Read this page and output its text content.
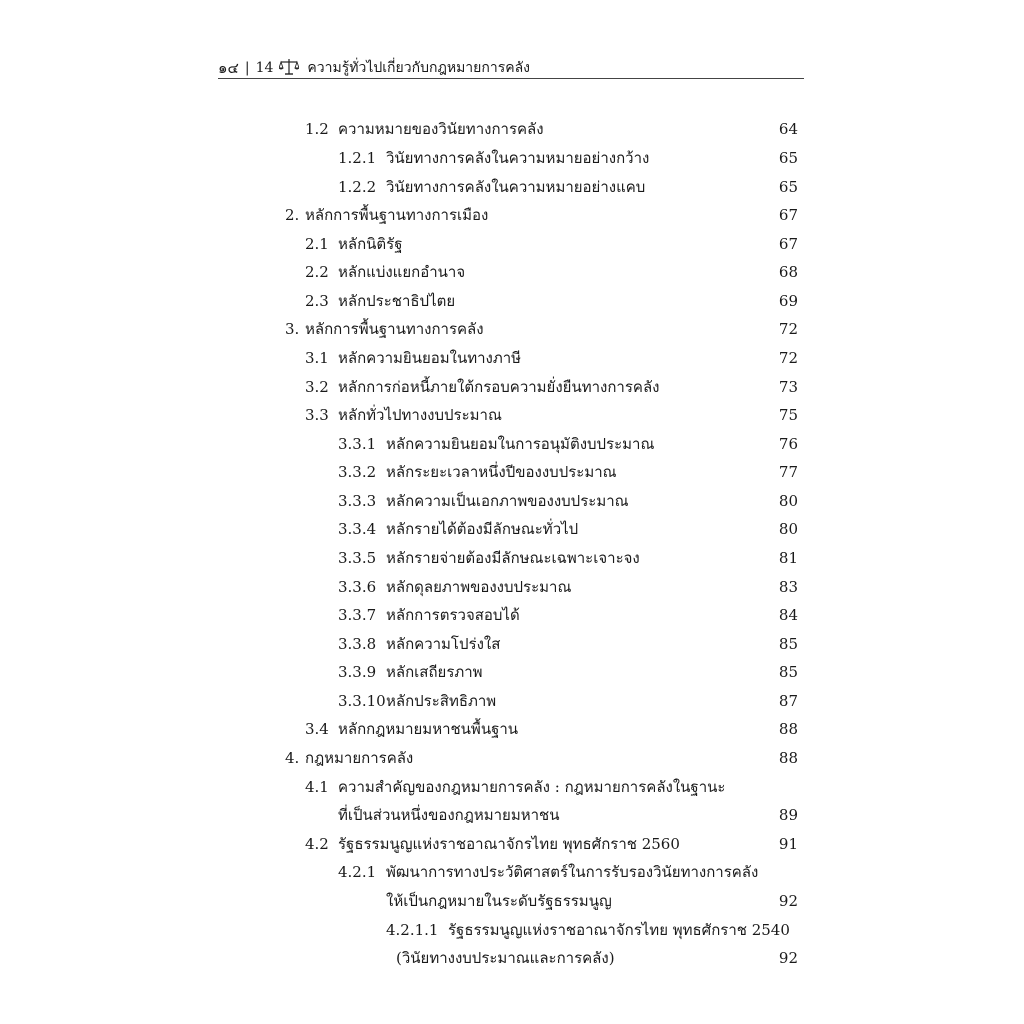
๑๔ | 14 ความรู้ทั่วไปเกี่ยวกับกฎหมายการคลัง
1.2 ความหมายของวินัยทางการคลัง	64
1.2.1 วินัยทางการคลังในความหมายอย่างกว้าง	65
1.2.2 วินัยทางการคลังในความหมายอย่างแคบ	65
2. หลักการพื้นฐานทางการเมือง	67
2.1 หลักนิติรัฐ	67
2.2 หลักแบ่งแยกอำนาจ	68
2.3 หลักประชาธิปไตย	69
3. หลักการพื้นฐานทางการคลัง	72
3.1 หลักความยินยอมในทางภาษี	72
3.2 หลักการก่อหนี้ภายใต้กรอบความยั่งยืนทางการคลัง	73
3.3 หลักทั่วไปทางงบประมาณ	75
3.3.1 หลักความยินยอมในการอนุมัติงบประมาณ	76
3.3.2 หลักระยะเวลาหนึ่งปีของงบประมาณ	77
3.3.3 หลักความเป็นเอกภาพของงบประมาณ	80
3.3.4 หลักรายได้ต้องมีลักษณะทั่วไป	80
3.3.5 หลักรายจ่ายต้องมีลักษณะเฉพาะเจาะจง	81
3.3.6 หลักดุลยภาพของงบประมาณ	83
3.3.7 หลักการตรวจสอบได้	84
3.3.8 หลักความโปร่งใส	85
3.3.9 หลักเสถียรภาพ	85
3.3.10หลักประสิทธิภาพ	87
3.4 หลักกฎหมายมหาชนพื้นฐาน	88
4. กฎหมายการคลัง	88
4.1 ความสำคัญของกฎหมายการคลัง : กฎหมายการคลังในฐานะ
ที่เป็นส่วนหนึ่งของกฎหมายมหาชน	89
4.2 รัฐธรรมนูญแห่งราชอาณาจักรไทย พุทธศักราช 2560	91
4.2.1 พัฒนาการทางประวัติศาสตร์ในการรับรองวินัยทางการคลัง
ให้เป็นกฎหมายในระดับรัฐธรรมนูญ	92
4.2.1.1 รัฐธรรมนูญแห่งราชอาณาจักรไทย พุทธศักราช 2540
(วินัยทางงบประมาณและการคลัง)	92
